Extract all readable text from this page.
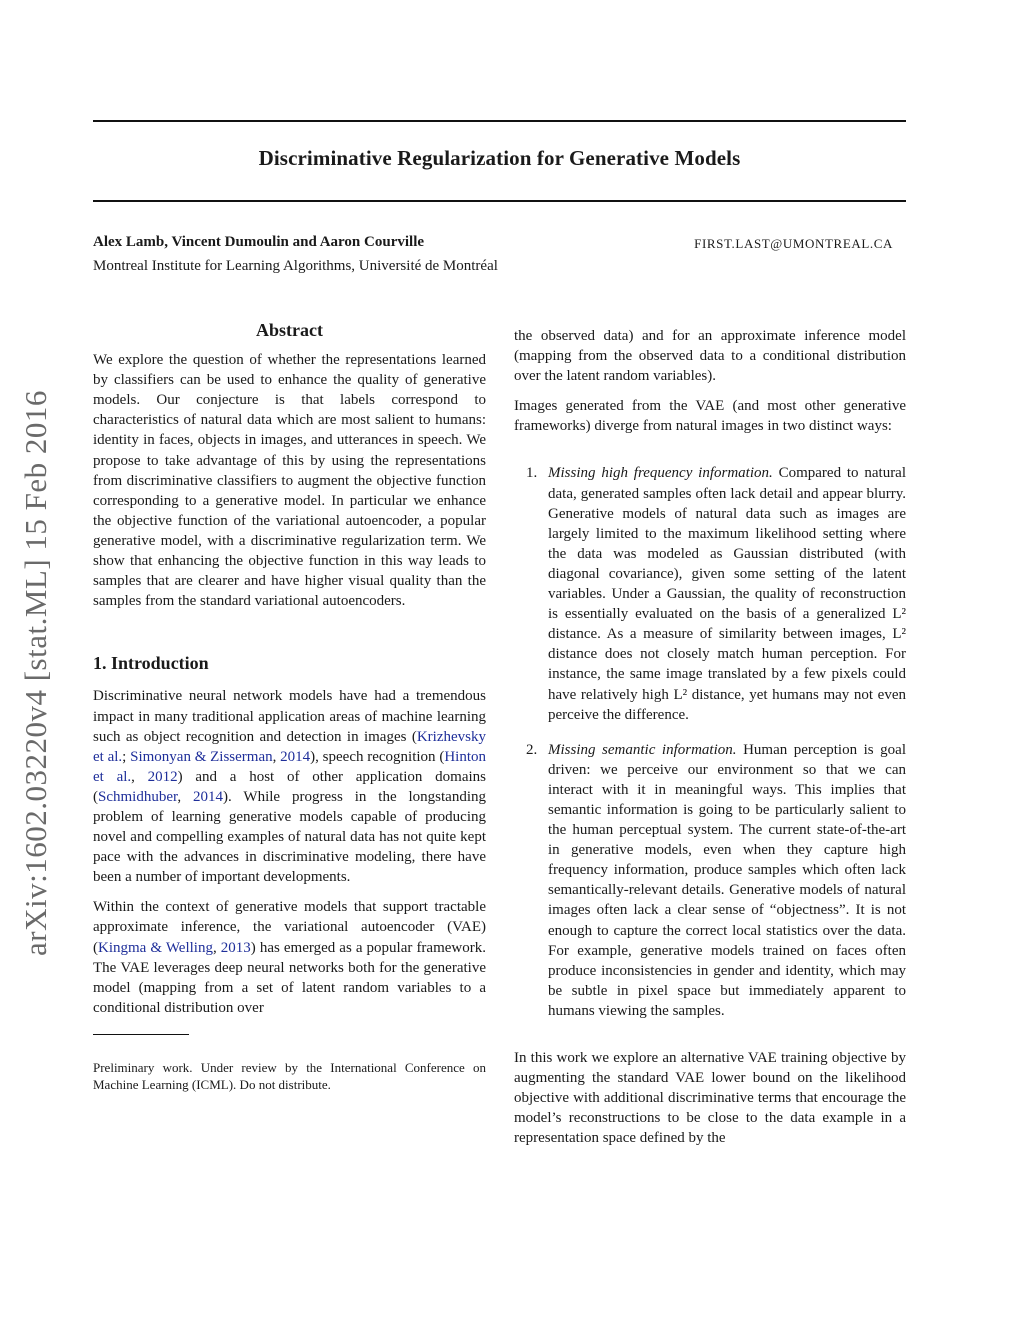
Discriminative Regularization for Generative Models
Alex Lamb, Vincent Dumoulin and Aaron Courville	FIRST.LAST@UMONTREAL.CA
Montreal Institute for Learning Algorithms, Université de Montréal
arXiv:1602.03220v4 [stat.ML] 15 Feb 2016
Abstract

We explore the question of whether the representations learned by classifiers can be used to enhance the quality of generative models. Our conjecture is that labels correspond to characteristics of natural data which are most salient to humans: identity in faces, objects in images, and utterances in speech. We propose to take advantage of this by using the representations from discriminative classifiers to augment the objective function corresponding to a generative model. In particular we enhance the objective function of the variational autoencoder, a popular generative model, with a discriminative regularization term. We show that enhancing the objective function in this way leads to samples that are clearer and have higher visual quality than the samples from the standard variational autoencoders.

1. Introduction

Discriminative neural network models have had a tremendous impact in many traditional application areas of machine learning such as object recognition and detection in images (Krizhevsky et al.; Simonyan & Zisserman, 2014), speech recognition (Hinton et al., 2012) and a host of other application domains (Schmidhuber, 2014). While progress in the longstanding problem of learning generative models capable of producing novel and compelling examples of natural data has not quite kept pace with the advances in discriminative modeling, there have been a number of important developments.

Within the context of generative models that support tractable approximate inference, the variational autoencoder (VAE) (Kingma & Welling, 2013) has emerged as a popular framework. The VAE leverages deep neural networks both for the generative model (mapping from a set of latent random variables to a conditional distribution over

Preliminary work. Under review by the International Conference on Machine Learning (ICML). Do not distribute.

the observed data) and for an approximate inference model (mapping from the observed data to a conditional distribution over the latent random variables).

Images generated from the VAE (and most other generative frameworks) diverge from natural images in two distinct ways:

1. Missing high frequency information. Compared to natural data, generated samples often lack detail and appear blurry. Generative models of natural data such as images are largely limited to the maximum likelihood setting where the data was modeled as Gaussian distributed (with diagonal covariance), given some setting of the latent variables. Under a Gaussian, the quality of reconstruction is essentially evaluated on the basis of a generalized L² distance. As a measure of similarity between images, L² distance does not closely match human perception. For instance, the same image translated by a few pixels could have relatively high L² distance, yet humans may not even perceive the difference.
2. Missing semantic information. Human perception is goal driven: we perceive our environment so that we can interact with it in meaningful ways. This implies that semantic information is going to be particularly salient to the human perceptual system. The current state-of-the-art in generative models, even when they capture high frequency information, produce samples which often lack semantically-relevant details. Generative models of natural images often lack a clear sense of “objectness”. It is not enough to capture the correct local statistics over the data. For example, generative models trained on faces often produce inconsistencies in gender and identity, which may be subtle in pixel space but immediately apparent to humans viewing the samples.

In this work we explore an alternative VAE training objective by augmenting the standard VAE lower bound on the likelihood objective with additional discriminative terms that encourage the model’s reconstructions to be close to the data example in a representation space defined by the
